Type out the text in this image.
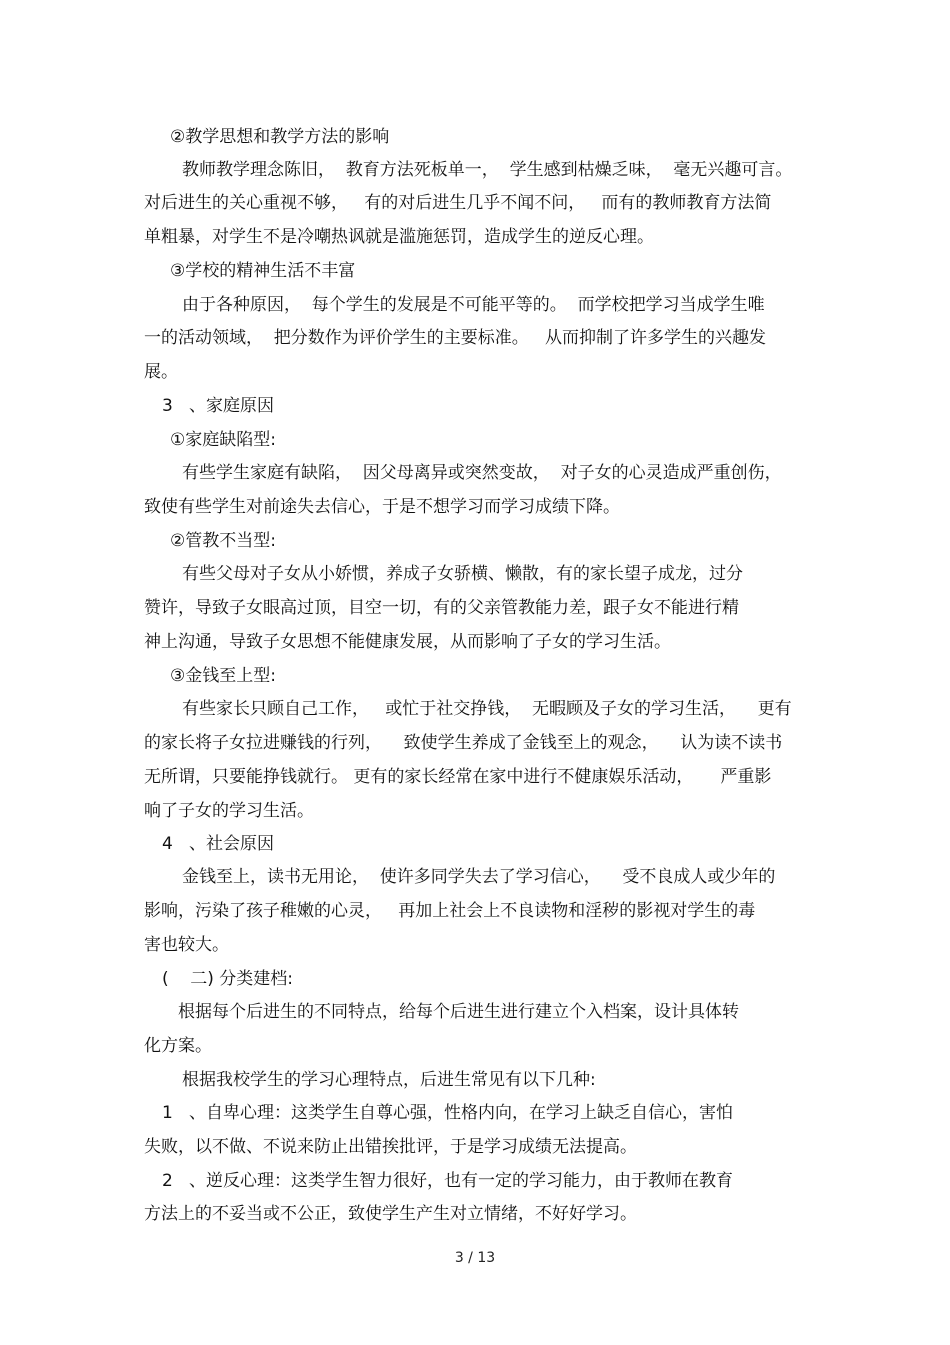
②教学思想和教学方法的影响
教师教学理念陈旧，  教育方法死板单一，  学生感到枯燥乏味，  毫无兴趣可言。
对后进生的关心重视不够，   有的对后进生几乎不闻不问，   而有的教师教育方法简
单粗暴，对学生不是冷嘲热讽就是滥施惩罚，造成学生的逆反心理。
③学校的精神生活不丰富
由于各种原因，  每个学生的发展是不可能平等的。  而学校把学习当成学生唯
一的活动领域，  把分数作为评价学生的主要标准。   从而抑制了许多学生的兴趣发
展。
3   、家庭原因
①家庭缺陷型:
有些学生家庭有缺陷，  因父母离异或突然变故，  对子女的心灵造成严重创伤，
致使有些学生对前途失去信心，于是不想学习而学习成绩下降。
②管教不当型:
有些父母对子女从小娇惯，养成子女骄横、懒散，有的家长望子成龙，过分
赞许，导致子女眼高过顶，目空一切，有的父亲管教能力差，跟子女不能进行精
神上沟通，导致子女思想不能健康发展，从而影响了子女的学习生活。
③金钱至上型:
有些家长只顾自己工作，   或忙于社交挣钱，  无暇顾及子女的学习生活，    更有
的家长将子女拉进赚钱的行列，    致使学生养成了金钱至上的观念，    认为读不读书
无所谓，只要能挣钱就行。 更有的家长经常在家中进行不健康娱乐活动，     严重影
响了子女的学习生活。
4   、社会原因
金钱至上，读书无用论，  使许多同学失去了学习信心，    受不良成人或少年的
影响，污染了孩子稚嫩的心灵，   再加上社会上不良读物和淫秽的影视对学生的毒
害也较大。
(    二) 分类建档:
根据每个后进生的不同特点，给每个后进生进行建立个入档案，设计具体转
化方案。
根据我校学生的学习心理特点，后进生常见有以下几种:
1   、自卑心理：这类学生自尊心强，性格内向，在学习上缺乏自信心，害怕
失败，以不做、不说来防止出错挨批评，于是学习成绩无法提高。
2   、逆反心理：这类学生智力很好，也有一定的学习能力，由于教师在教育
方法上的不妥当或不公正，致使学生产生对立情绪，不好好学习。
3 / 13
